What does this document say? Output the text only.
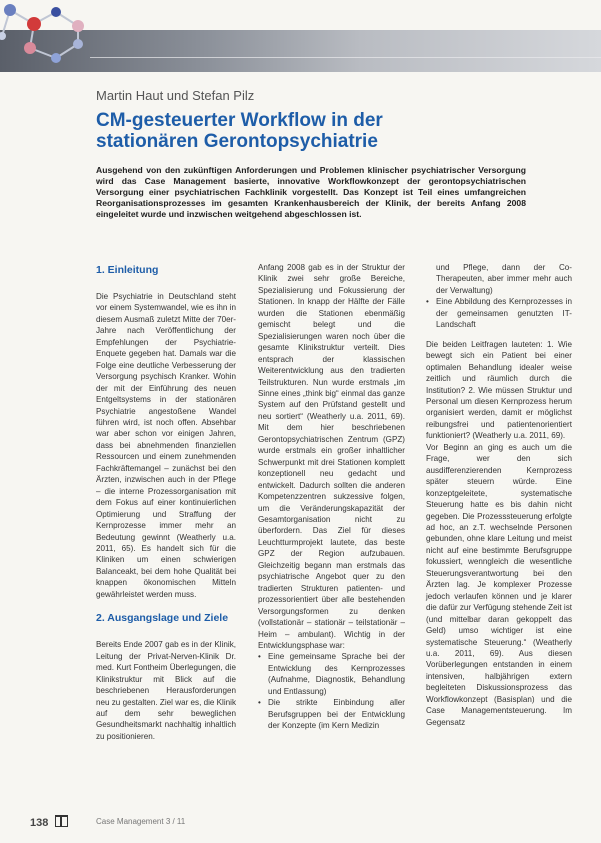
Martin Haut und Stefan Pilz
CM-gesteuerter Workflow in der
stationären Gerontopsychiatrie

Ausgehend von den zukünftigen Anforderungen und Problemen klinischer psychiatrischer Versorgung wird das Case Management basierte, innovative Workflowkonzept der gerontopsychiatrischen Versorgung einer psychiatrischen Fachklinik vorgestellt. Das Konzept ist Teil eines umfangreichen Reorganisationsprozesses im gesamten Krankenhausbereich der Klinik, der bereits Anfang 2008 eingeleitet wurde und inzwischen weitgehend abgeschlossen ist.

1. Einleitung

Die Psychiatrie in Deutschland steht vor einem Systemwandel, wie es ihn in diesem Ausmaß zuletzt Mitte der 70er-Jahre nach Veröffentlichung der Empfehlungen der Psychiatrie-Enquete gegeben hat. Damals war die Folge eine deutliche Verbesserung der Versorgung psychisch Kranker. Wohin der mit der Einführung des neuen Entgeltsystems in der stationären Psychiatrie angestoßene Wandel führen wird, ist noch offen. Absehbar war aber schon vor einigen Jahren, dass bei abnehmenden finanziellen Ressourcen und einem zunehmenden Fachkräftemangel – zunächst bei den Ärzten, inzwischen auch in der Pflege – die interne Prozessorganisation mit dem Fokus auf einer kontinuierlichen Optimierung und Straffung der Kernprozesse immer mehr an Bedeutung gewinnt (Weatherly u.a. 2011, 65). Es handelt sich für die Kliniken um einen schwierigen Balanceakt, bei dem hohe Qualität bei knappen ökonomischen Mitteln gewährleistet werden muss.

2. Ausgangslage und Ziele

Bereits Ende 2007 gab es in der Klinik, Leitung der Privat-Nerven-Klinik Dr. med. Kurt Fontheim Überlegungen, die Klinikstruktur mit Blick auf die beschriebenen Herausforderungen neu zu gestalten. Ziel war es, die Klinik auf dem sehr beweglichen Gesundheitsmarkt nachhaltig inhaltlich zu positionieren.

Anfang 2008 gab es in der Struktur der Klinik zwei sehr große Bereiche, Spezialisierung und Fokussierung der Stationen. In knapp der Hälfte der Fälle wurden die Stationen ebenmäßig gemischt belegt und die Spezialisierungen waren noch über die gesamte Klinikstruktur verteilt. Dies entsprach der klassischen Weiterentwicklung aus den tradierten Teilstrukturen. Nun wurde erstmals „im Sinne eines „think big“ einmal das ganze System auf den Prüfstand gestellt und neu sortiert“ (Weatherly u.a. 2011, 69). Mit dem hier beschriebenen Gerontopsychiatrischen Zentrum (GPZ) wurde erstmals ein großer inhaltlicher Schwerpunkt mit drei Stationen komplett konzeptionell neu gedacht und entwickelt. Dadurch sollten die anderen Kompetenzzentren sukzessive folgen, um die Veränderungskapazität der Gesamtorganisation nicht zu überfordern. Das Ziel für dieses Leuchtturmprojekt lautete, das beste GPZ der Region aufzubauen. Gleichzeitig begann man erstmals das psychiatrische Angebot quer zu den tradierten Strukturen patienten- und prozessorientiert über alle bestehenden Versorgungsformen zu denken (vollstationär – stationär – teilstationär – Heim – ambulant). Wichtig in der Entwicklungsphase war:

• Eine gemeinsame Sprache bei der Entwicklung des Kernprozesses (Aufnahme, Diagnostik, Behandlung und Entlassung)
• Die strikte Einbindung aller Berufsgruppen bei der Entwicklung der Konzepte (im Kern Medizin
und Pflege, dann der Co-Therapeuten, aber immer mehr auch der Verwaltung)
• Eine Abbildung des Kernprozesses in der gemeinsamen genutzten IT-Landschaft

Die beiden Leitfragen lauteten: 1. Wie bewegt sich ein Patient bei einer optimalen Behandlung idealer weise zeitlich und räumlich durch die Institution? 2. Wie müssen Struktur und Personal um diesen Kernprozess herum organisiert werden, damit er möglichst reibungsfrei und patientenorientiert funktioniert? (Weatherly u.a. 2011, 69).

Vor Beginn an ging es auch um die Frage, wer den sich ausdifferenzierenden Kernprozess später steuern würde. Eine konzeptgeleitete, systematische Steuerung hatte es bis dahin nicht gegeben. Die Prozesssteuerung erfolgte ad hoc, an z.T. wechselnde Personen gebunden, ohne klare Leitung und meist nicht auf eine bestimmte Berufsgruppe fokussiert, wenngleich die wesentliche Steuerungsverantwortung bei den Ärzten lag. Je komplexer Prozesse jedoch verlaufen können und je klarer die dafür zur Verfügung stehende Zeit ist (und mittelbar daran gekoppelt das Geld) umso wichtiger ist eine systematische Steuerung.“ (Weatherly u.a. 2011, 69). Aus diesen Vorüberlegungen entstanden in einem intensiven, halbjährigen extern begleiteten Diskussionsprozess das Workflowkonzept (Basisplan) und die Case Managementsteuerung. Im Gegensatz

138	Case Management 3 / 11
